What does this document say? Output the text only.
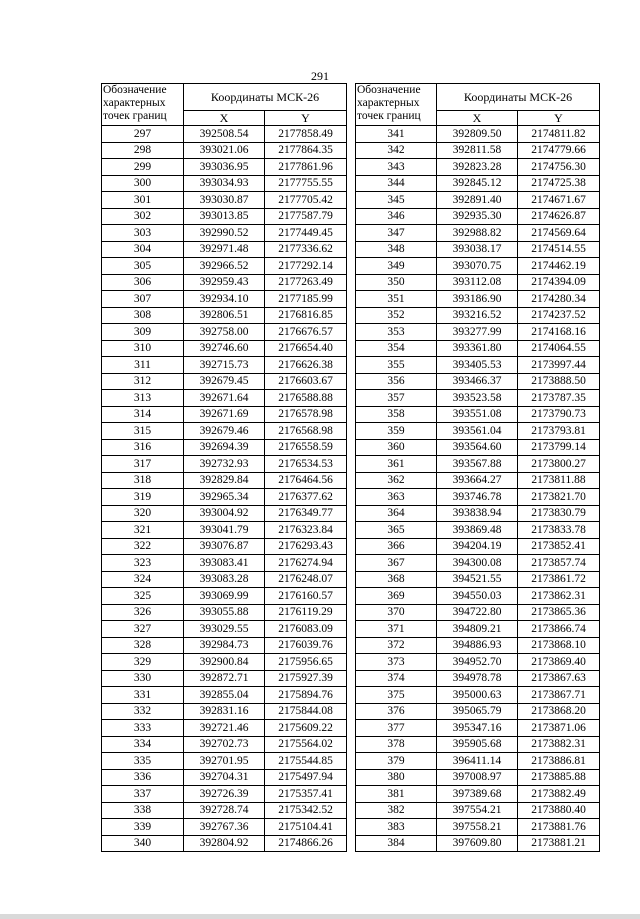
291
Обозначение
характерных
точек границ	Координаты МСК-26	
	X	Y
297	392508.54	2177858.49
298	393021.06	2177864.35
299	393036.95	2177861.96
300	393034.93	2177755.55
301	393030.87	2177705.42
302	393013.85	2177587.79
303	392990.52	2177449.45
304	392971.48	2177336.62
305	392966.52	2177292.14
306	392959.43	2177263.49
307	392934.10	2177185.99
308	392806.51	2176816.85
309	392758.00	2176676.57
310	392746.60	2176654.40
311	392715.73	2176626.38
312	392679.45	2176603.67
313	392671.64	2176588.88
314	392671.69	2176578.98
315	392679.46	2176568.98
316	392694.39	2176558.59
317	392732.93	2176534.53
318	392829.84	2176464.56
319	392965.34	2176377.62
320	393004.92	2176349.77
321	393041.79	2176323.84
322	393076.87	2176293.43
323	393083.41	2176274.94
324	393083.28	2176248.07
325	393069.99	2176160.57
326	393055.88	2176119.29
327	393029.55	2176083.09
328	392984.73	2176039.76
329	392900.84	2175956.65
330	392872.71	2175927.39
331	392855.04	2175894.76
332	392831.16	2175844.08
333	392721.46	2175609.22
334	392702.73	2175564.02
335	392701.95	2175544.85
336	392704.31	2175497.94
337	392726.39	2175357.41
338	392728.74	2175342.52
339	392767.36	2175104.41
340	392804.92	2174866.26
Обозначение
характерных
точек границ	Координаты МСК-26	
	X	Y
341	392809.50	2174811.82
342	392811.58	2174779.66
343	392823.28	2174756.30
344	392845.12	2174725.38
345	392891.40	2174671.67
346	392935.30	2174626.87
347	392988.82	2174569.64
348	393038.17	2174514.55
349	393070.75	2174462.19
350	393112.08	2174394.09
351	393186.90	2174280.34
352	393216.52	2174237.52
353	393277.99	2174168.16
354	393361.80	2174064.55
355	393405.53	2173997.44
356	393466.37	2173888.50
357	393523.58	2173787.35
358	393551.08	2173790.73
359	393561.04	2173793.81
360	393564.60	2173799.14
361	393567.88	2173800.27
362	393664.27	2173811.88
363	393746.78	2173821.70
364	393838.94	2173830.79
365	393869.48	2173833.78
366	394204.19	2173852.41
367	394300.08	2173857.74
368	394521.55	2173861.72
369	394550.03	2173862.31
370	394722.80	2173865.36
371	394809.21	2173866.74
372	394886.93	2173868.10
373	394952.70	2173869.40
374	394978.78	2173867.63
375	395000.63	2173867.71
376	395065.79	2173868.20
377	395347.16	2173871.06
378	395905.68	2173882.31
379	396411.14	2173886.81
380	397008.97	2173885.88
381	397389.68	2173882.49
382	397554.21	2173880.40
383	397558.21	2173881.76
384	397609.80	2173881.21
